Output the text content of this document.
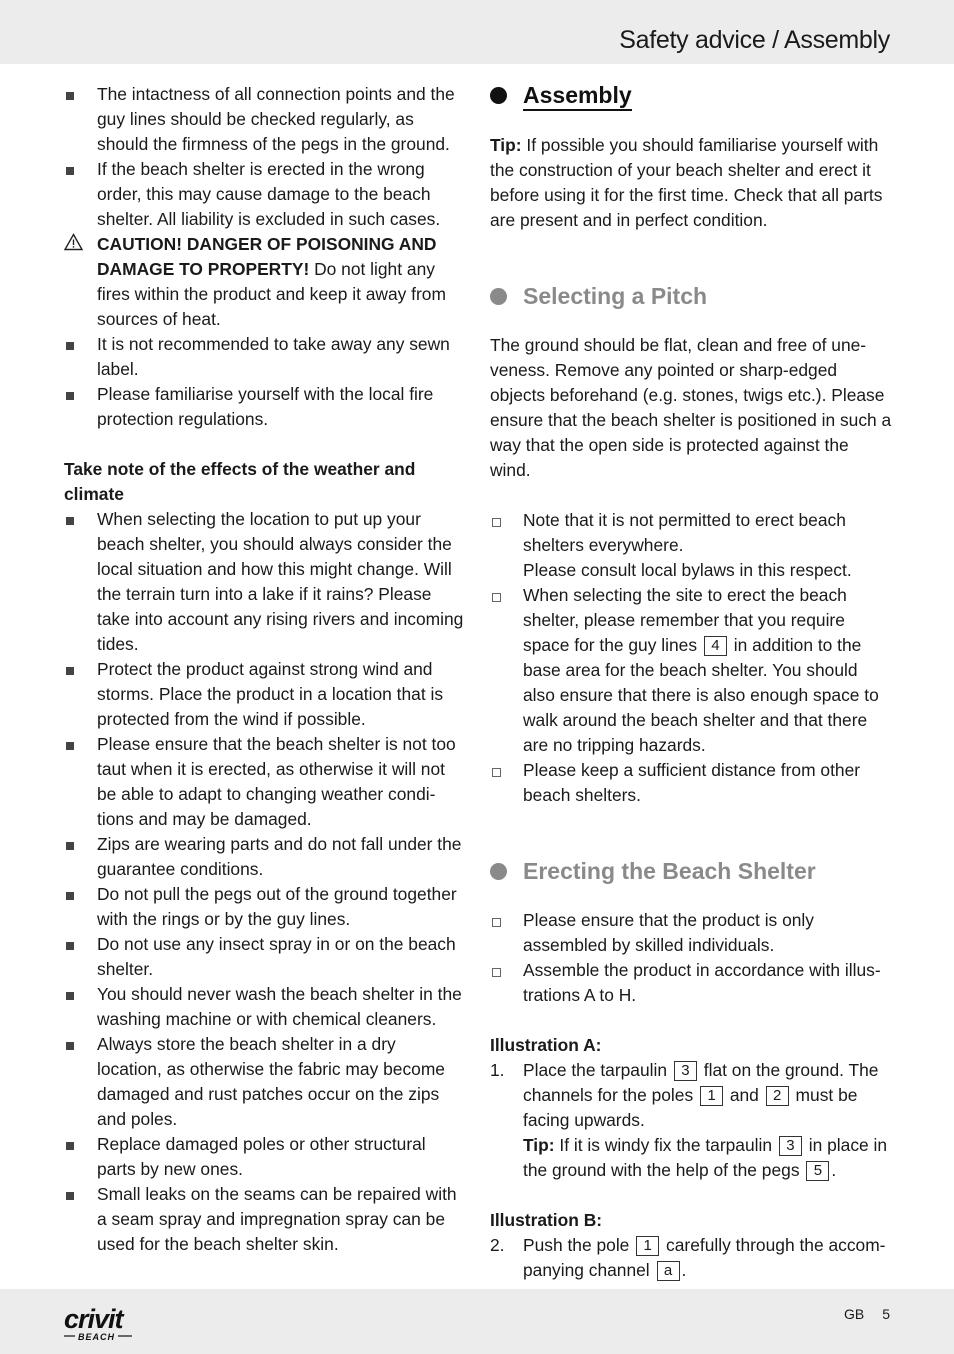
Safety advice / Assembly
The intactness of all connection points and the guy lines should be checked regularly, as should the firmness of the pegs in the ground.
If the beach shelter is erected in the wrong order, this may cause damage to the beach shelter. All liability is excluded in such cases.
CAUTION! DANGER OF POISONING AND DAMAGE TO PROPERTY! Do not light any fires within the product and keep it away from sources of heat.
It is not recommended to take away any sewn label.
Please familiarise yourself with the local fire protection regulations.
Take note of the effects of the weather and climate
When selecting the location to put up your beach shelter, you should always consider the local situation and how this might change. Will the terrain turn into a lake if it rains? Please take into account any rising rivers and incoming tides.
Protect the product against strong wind and storms. Place the product in a location that is protected from the wind if possible.
Please ensure that the beach shelter is not too taut when it is erected, as otherwise it will not be able to adapt to changing weather condi-tions and may be damaged.
Zips are wearing parts and do not fall under the guarantee conditions.
Do not pull the pegs out of the ground together with the rings or by the guy lines.
Do not use any insect spray in or on the beach shelter.
You should never wash the beach shelter in the washing machine or with chemical cleaners.
Always store the beach shelter in a dry location, as otherwise the fabric may become damaged and rust patches occur on the zips and poles.
Replace damaged poles or other structural parts by new ones.
Small leaks on the seams can be repaired with a seam spray and impregnation spray can be used for the beach shelter skin.
Assembly
Tip: If possible you should familiarise yourself with the construction of your beach shelter and erect it before using it for the first time. Check that all parts are present and in perfect condition.
Selecting a Pitch
The ground should be flat, clean and free of une-veness. Remove any pointed or sharp-edged objects beforehand (e.g. stones, twigs etc.). Please ensure that the beach shelter is positioned in such a way that the open side is protected against the wind.
Note that it is not permitted to erect beach shelters everywhere.
Please consult local bylaws in this respect.
When selecting the site to erect the beach shelter, please remember that you require space for the guy lines 4 in addition to the base area for the beach shelter. You should also ensure that there is also enough space to walk around the beach shelter and that there are no tripping hazards.
Please keep a sufficient distance from other beach shelters.
Erecting the Beach Shelter
Please ensure that the product is only assembled by skilled individuals.
Assemble the product in accordance with illus-trations A to H.
Illustration A:
1.	Place the tarpaulin 3 flat on the ground. The channels for the poles 1 and 2 must be facing upwards.
Tip: If it is windy fix the tarpaulin 3 in place in the ground with the help of the pegs 5 .
Illustration B:
2.	Push the pole 1 carefully through the accom-panying channel a .
crivit
BEACH
GB 5
